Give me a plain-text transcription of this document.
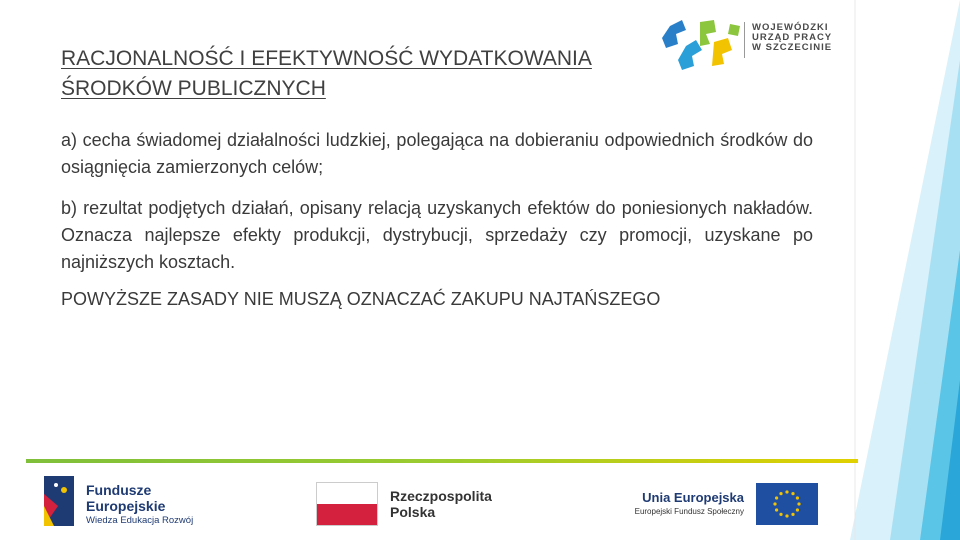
RACJONALNOŚĆ I EFEKTYWNOŚĆ WYDATKOWANIA
ŚRODKÓW PUBLICZNYCH
WOJEWÓDZKI
URZĄD PRACY
W SZCZECINIE
a) cecha świadomej działalności ludzkiej, polegająca na dobieraniu odpowiednich środków do osiągnięcia zamierzonych celów;
b) rezultat podjętych działań, opisany relacją uzyskanych efektów do poniesionych nakładów. Oznacza najlepsze efekty produkcji, dystrybucji, sprzedaży czy promocji, uzyskane po najniższych kosztach.
POWYŻSZE ZASADY NIE MUSZĄ OZNACZAĆ ZAKUPU NAJTAŃSZEGO
Fundusze
Europejskie
Wiedza Edukacja Rozwój
Rzeczpospolita
Polska
Unia Europejska
Europejski Fundusz Społeczny
